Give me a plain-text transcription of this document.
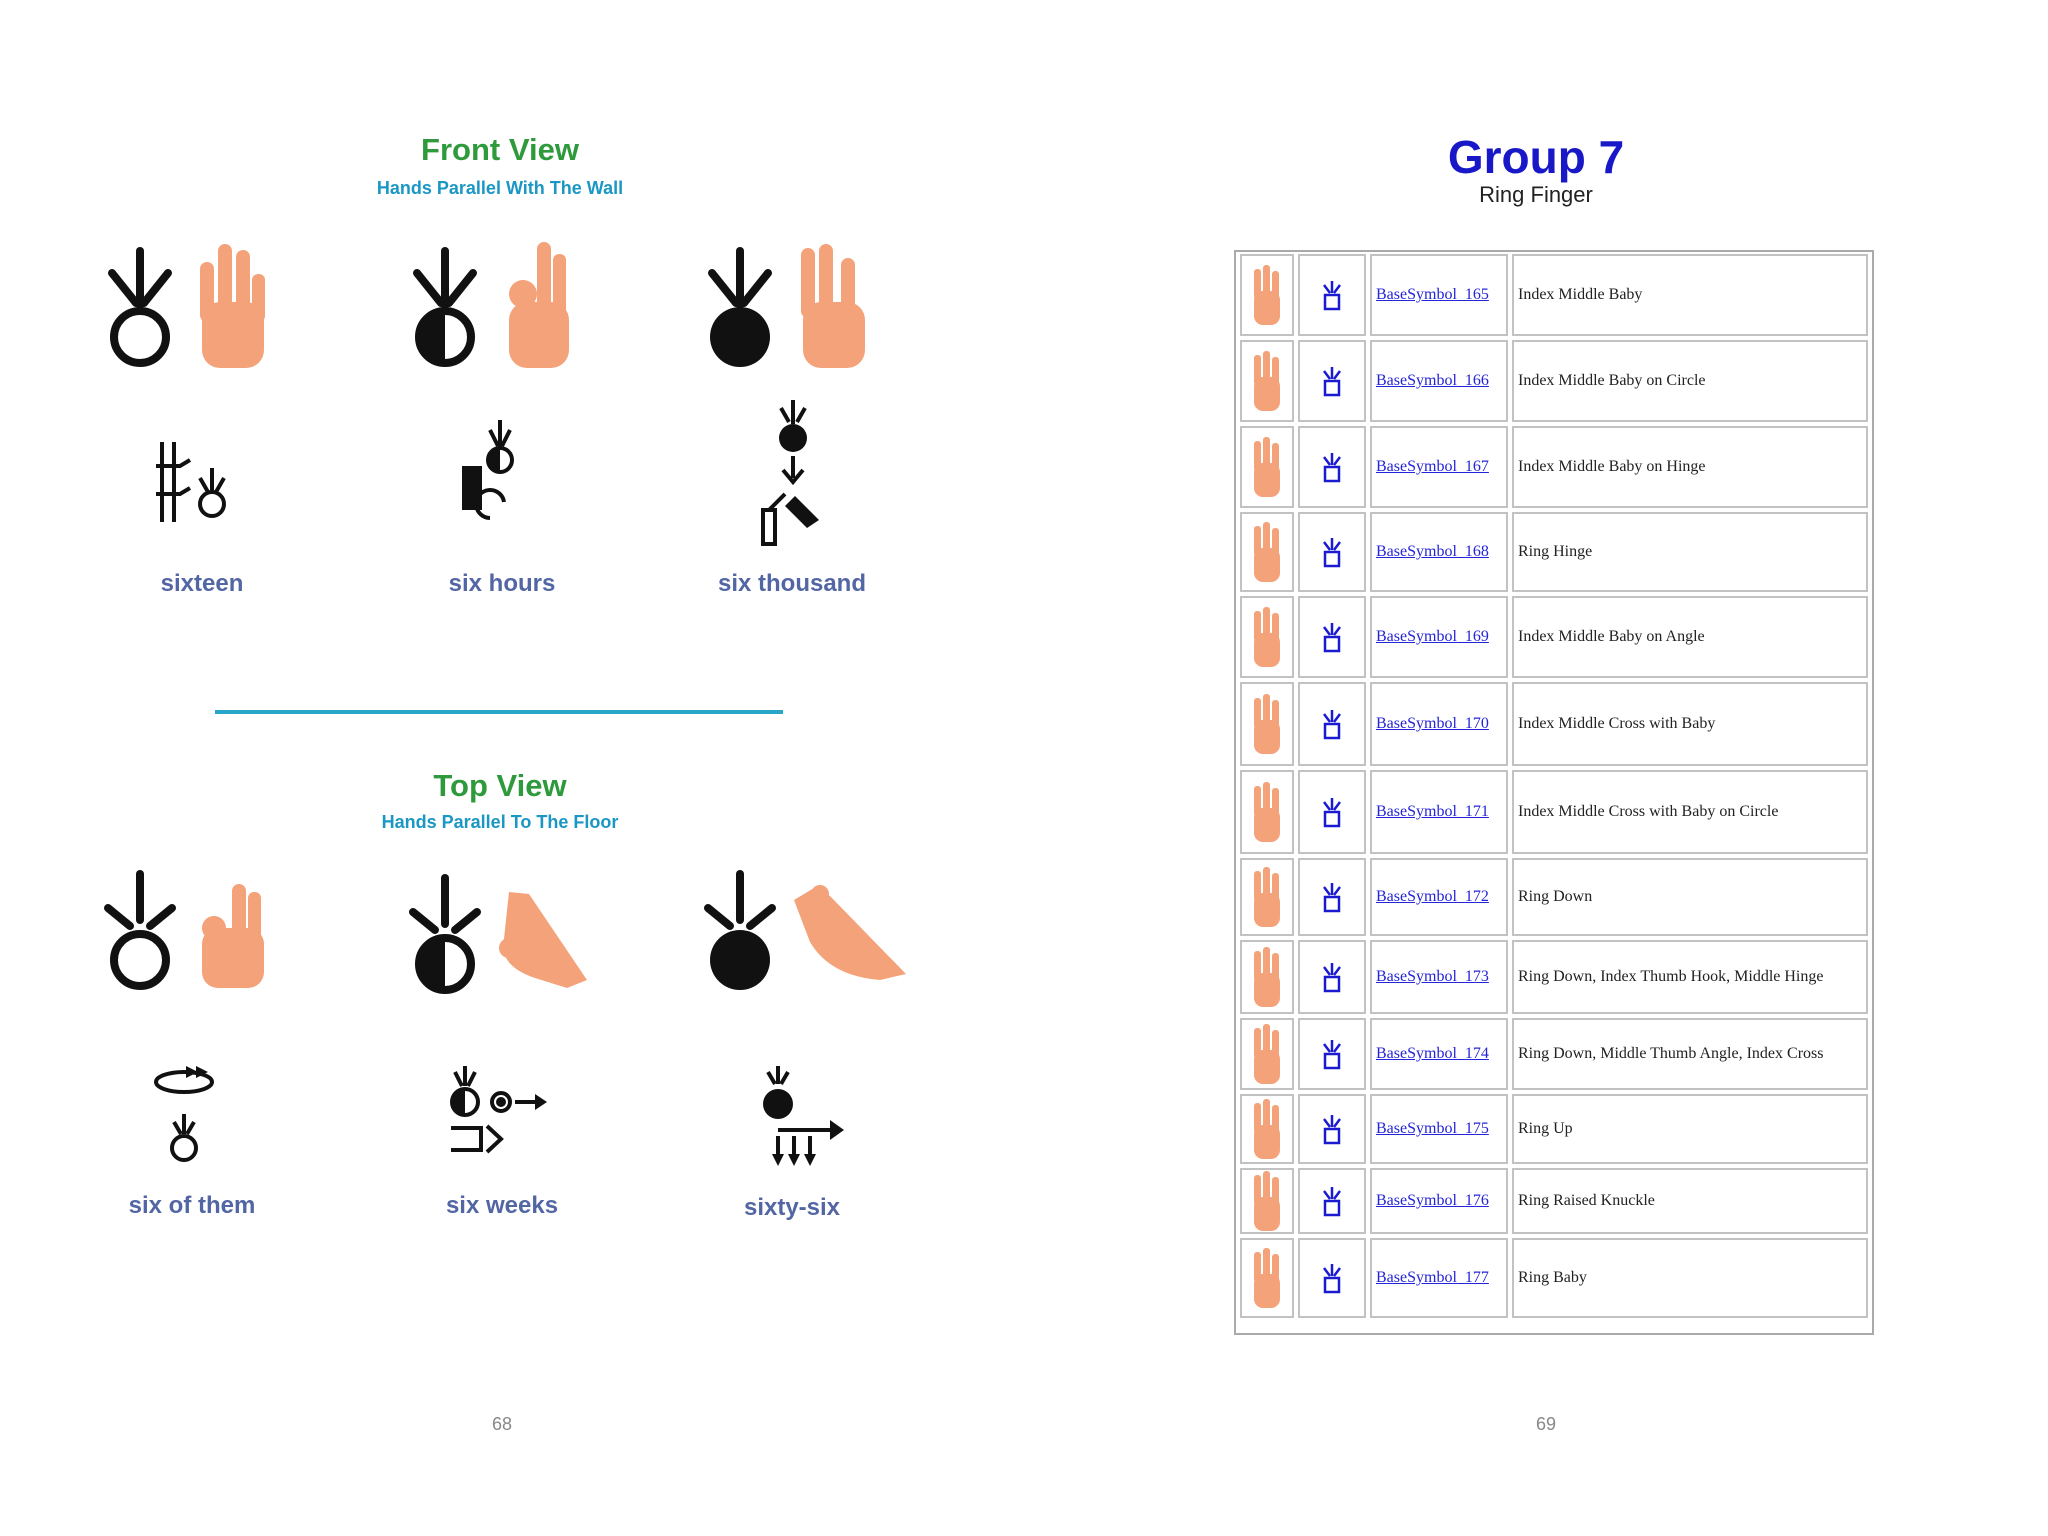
Front View
Hands Parallel With The Wall
sixteen	six hours	six thousand
Top View
Hands Parallel To The Floor
six of them	six weeks	sixty-six
68
Group 7
Ring Finger
BaseSymbol_165 Index Middle Baby
BaseSymbol_166 Index Middle Baby on Circle
BaseSymbol_167 Index Middle Baby on Hinge
BaseSymbol_168 Ring Hinge
BaseSymbol_169 Index Middle Baby on Angle
BaseSymbol_170 Index Middle Cross with Baby
BaseSymbol_171 Index Middle Cross with Baby on Circle
BaseSymbol_172 Ring Down
BaseSymbol_173 Ring Down, Index Thumb Hook, Middle Hinge
BaseSymbol_174 Ring Down, Middle Thumb Angle, Index Cross
BaseSymbol_175 Ring Up
BaseSymbol_176 Ring Raised Knuckle
BaseSymbol_177 Ring Baby
69
